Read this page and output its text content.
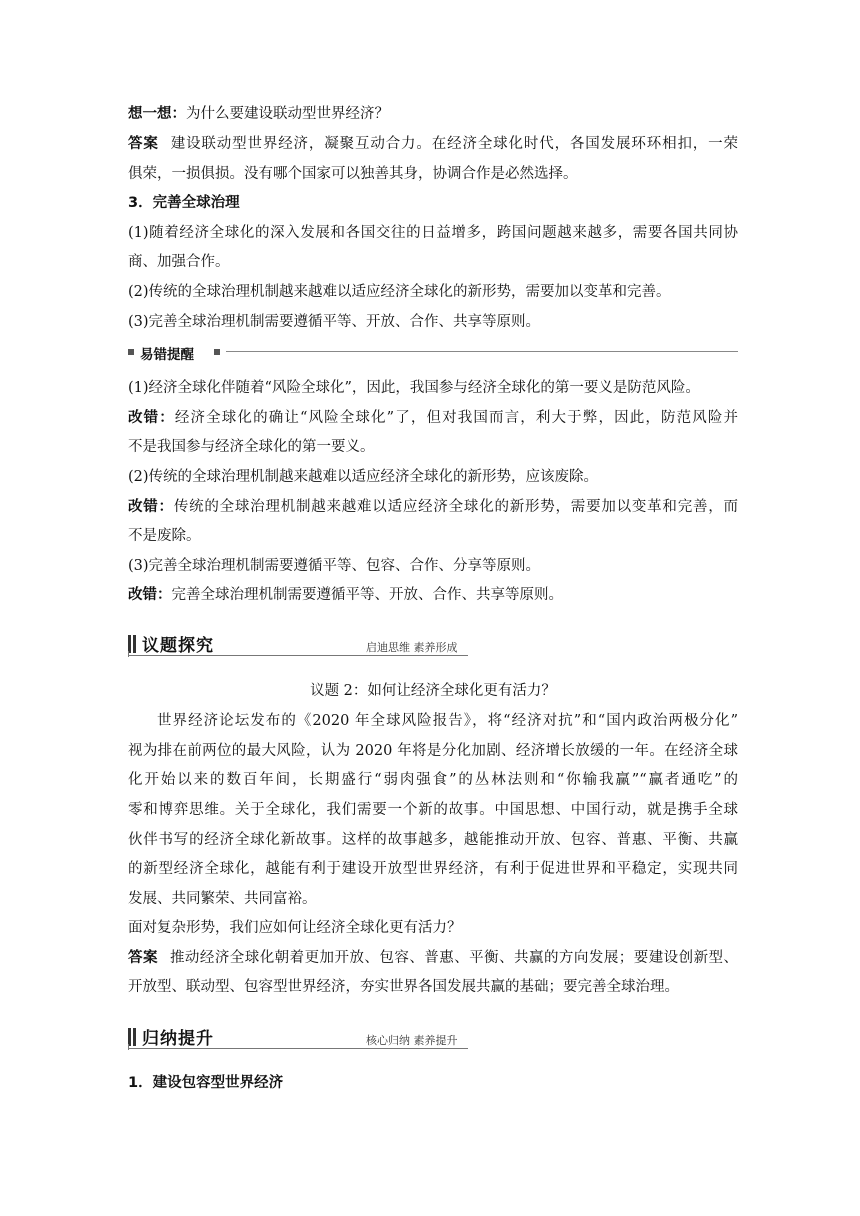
想一想：为什么要建设联动型世界经济？
答案 建设联动型世界经济，凝聚互动合力。在经济全球化时代，各国发展环环相扣，一荣
俱荣，一损俱损。没有哪个国家可以独善其身，协调合作是必然选择。
3．完善全球治理
(1)随着经济全球化的深入发展和各国交往的日益增多，跨国问题越来越多，需要各国共同协
商、加强合作。
(2)传统的全球治理机制越来越难以适应经济全球化的新形势，需要加以变革和完善。
(3)完善全球治理机制需要遵循平等、开放、合作、共享等原则。
易错提醒
(1)经济全球化伴随着“风险全球化”，因此，我国参与经济全球化的第一要义是防范风险。
改错：经济全球化的确让“风险全球化”了，但对我国而言，利大于弊，因此，防范风险并
不是我国参与经济全球化的第一要义。
(2)传统的全球治理机制越来越难以适应经济全球化的新形势，应该废除。
改错：传统的全球治理机制越来越难以适应经济全球化的新形势，需要加以变革和完善，而
不是废除。
(3)完善全球治理机制需要遵循平等、包容、合作、分享等原则。
改错：完善全球治理机制需要遵循平等、开放、合作、共享等原则。
议题探究	启迪思维 素养形成
议题 2：如何让经济全球化更有活力？
世界经济论坛发布的《2020 年全球风险报告》，将“经济对抗”和“国内政治两极分化”
视为排在前两位的最大风险，认为 2020 年将是分化加剧、经济增长放缓的一年。在经济全球
化开始以来的数百年间，长期盛行“弱肉强食”的丛林法则和“你输我赢”“赢者通吃”的
零和博弈思维。关于全球化，我们需要一个新的故事。中国思想、中国行动，就是携手全球
伙伴书写的经济全球化新故事。这样的故事越多，越能推动开放、包容、普惠、平衡、共赢
的新型经济全球化，越能有利于建设开放型世界经济，有利于促进世界和平稳定，实现共同
发展、共同繁荣、共同富裕。
面对复杂形势，我们应如何让经济全球化更有活力？
答案 推动经济全球化朝着更加开放、包容、普惠、平衡、共赢的方向发展；要建设创新型、
开放型、联动型、包容型世界经济，夯实世界各国发展共赢的基础；要完善全球治理。
归纳提升	核心归纳 素养提升
1．建设包容型世界经济
